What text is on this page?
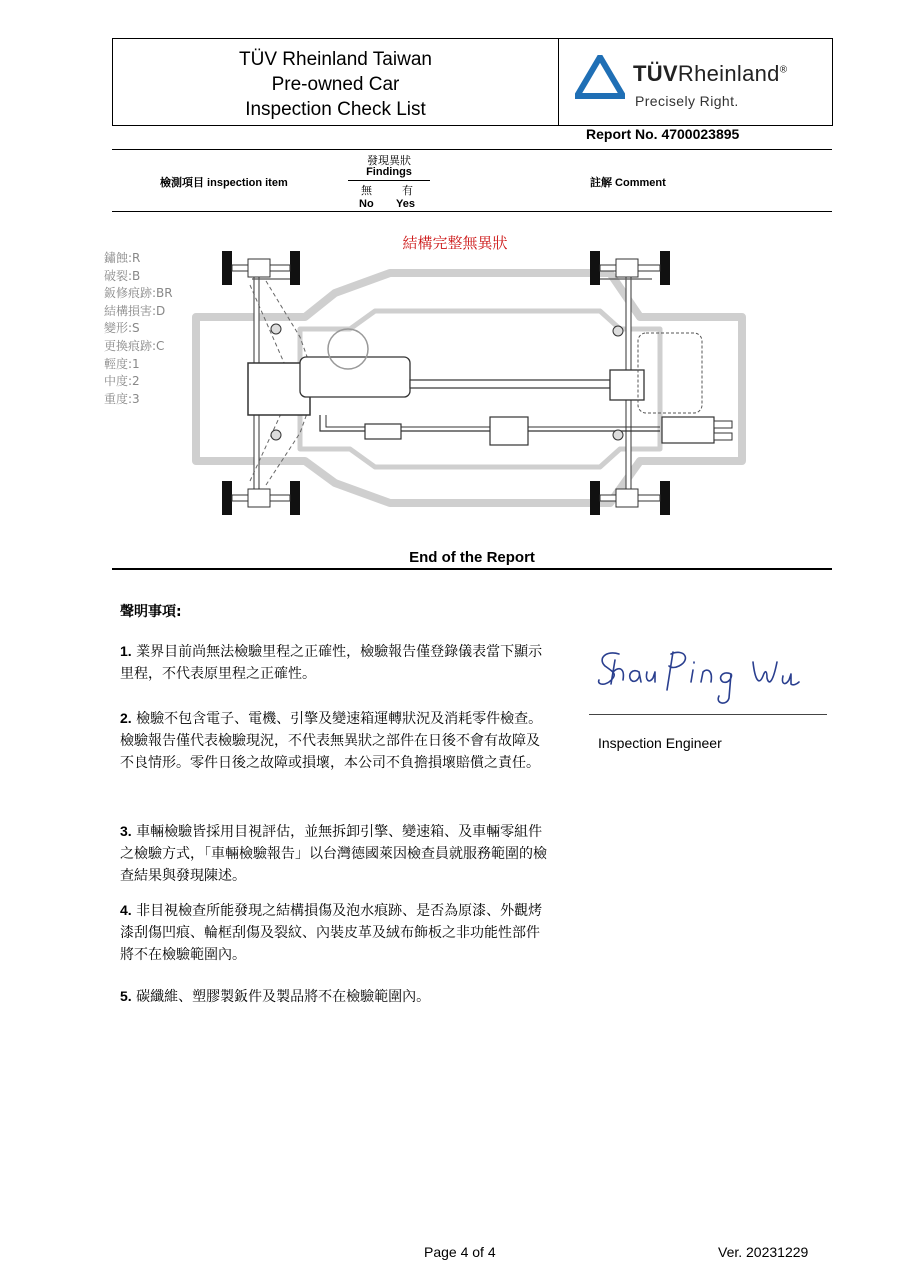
TÜV Rheinland Taiwan
Pre-owned Car
Inspection Check List
TÜVRheinland®
Precisely Right.
Report No. 4700023895
檢測項目 inspection item
發現異狀
Findings
無	有
No Yes
註解 Comment
鏽蝕:R
破裂:B
鈑修痕跡:BR
結構損害:D
變形:S
更換痕跡:C
輕度:1
中度:2
重度:3
結構完整無異狀
End of the Report
聲明事項:
1. 業界目前尚無法檢驗里程之正確性，檢驗報告僅登錄儀表當下顯示里程，不代表原里程之正確性。
2. 檢驗不包含電子、電機、引擎及變速箱運轉狀況及消耗零件檢查。檢驗報告僅代表檢驗現況，不代表無異狀之部件在日後不會有故障及不良情形。零件日後之故障或損壞，本公司不負擔損壞賠償之責任。
3. 車輛檢驗皆採用目視評估，並無拆卸引擎、變速箱、及車輛零組件之檢驗方式，「車輛檢驗報告」以台灣德國萊因檢查員就服務範圍的檢查結果與發現陳述。
4. 非目視檢查所能發現之結構損傷及泡水痕跡、是否為原漆、外觀烤漆刮傷凹痕、輪框刮傷及裂紋、內裝皮革及絨布飾板之非功能性部件將不在檢驗範圍內。
5. 碳纖維、塑膠製鈑件及製品將不在檢驗範圍內。
Inspection Engineer
Page 4 of 4	Ver. 20231229
